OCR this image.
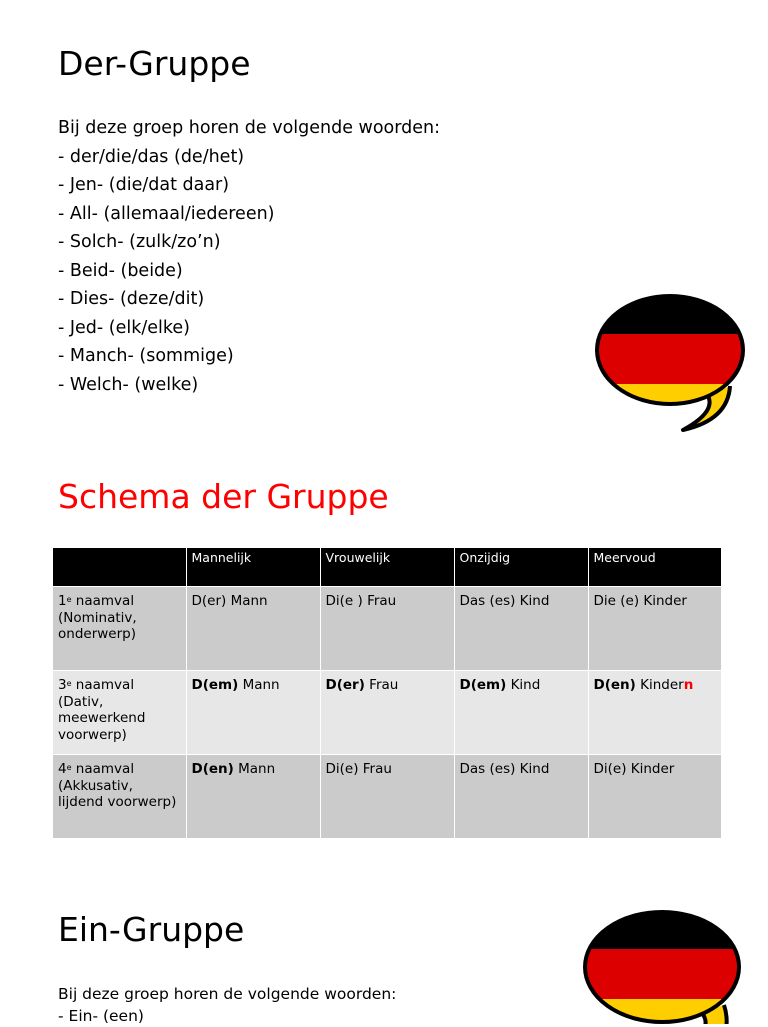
Der-Gruppe
Bij deze groep horen de volgende woorden:
- der/die/das (de/het)
- Jen- (die/dat daar)
- All- (allemaal/iedereen)
- Solch- (zulk/zo’n)
- Beid- (beide)
- Dies- (deze/dit)
- Jed- (elk/elke)
- Manch- (sommige)
- Welch- (welke)
Schema der Gruppe
	Mannelijk	Vrouwelijk	Onzijdig	Meervoud
1e naamval (Nominativ, onderwerp)	D(er) Mann	Di(e ) Frau	Das (es) Kind	Die (e) Kinder
3e naamval (Dativ, meewerkend voorwerp)	D(em) Mann	D(er) Frau	D(em) Kind	D(en) Kindern
4e naamval (Akkusativ, lijdend voorwerp)	D(en) Mann	Di(e) Frau	Das (es) Kind	Di(e) Kinder
Ein-Gruppe
Bij deze groep horen de volgende woorden:
- Ein- (een)
